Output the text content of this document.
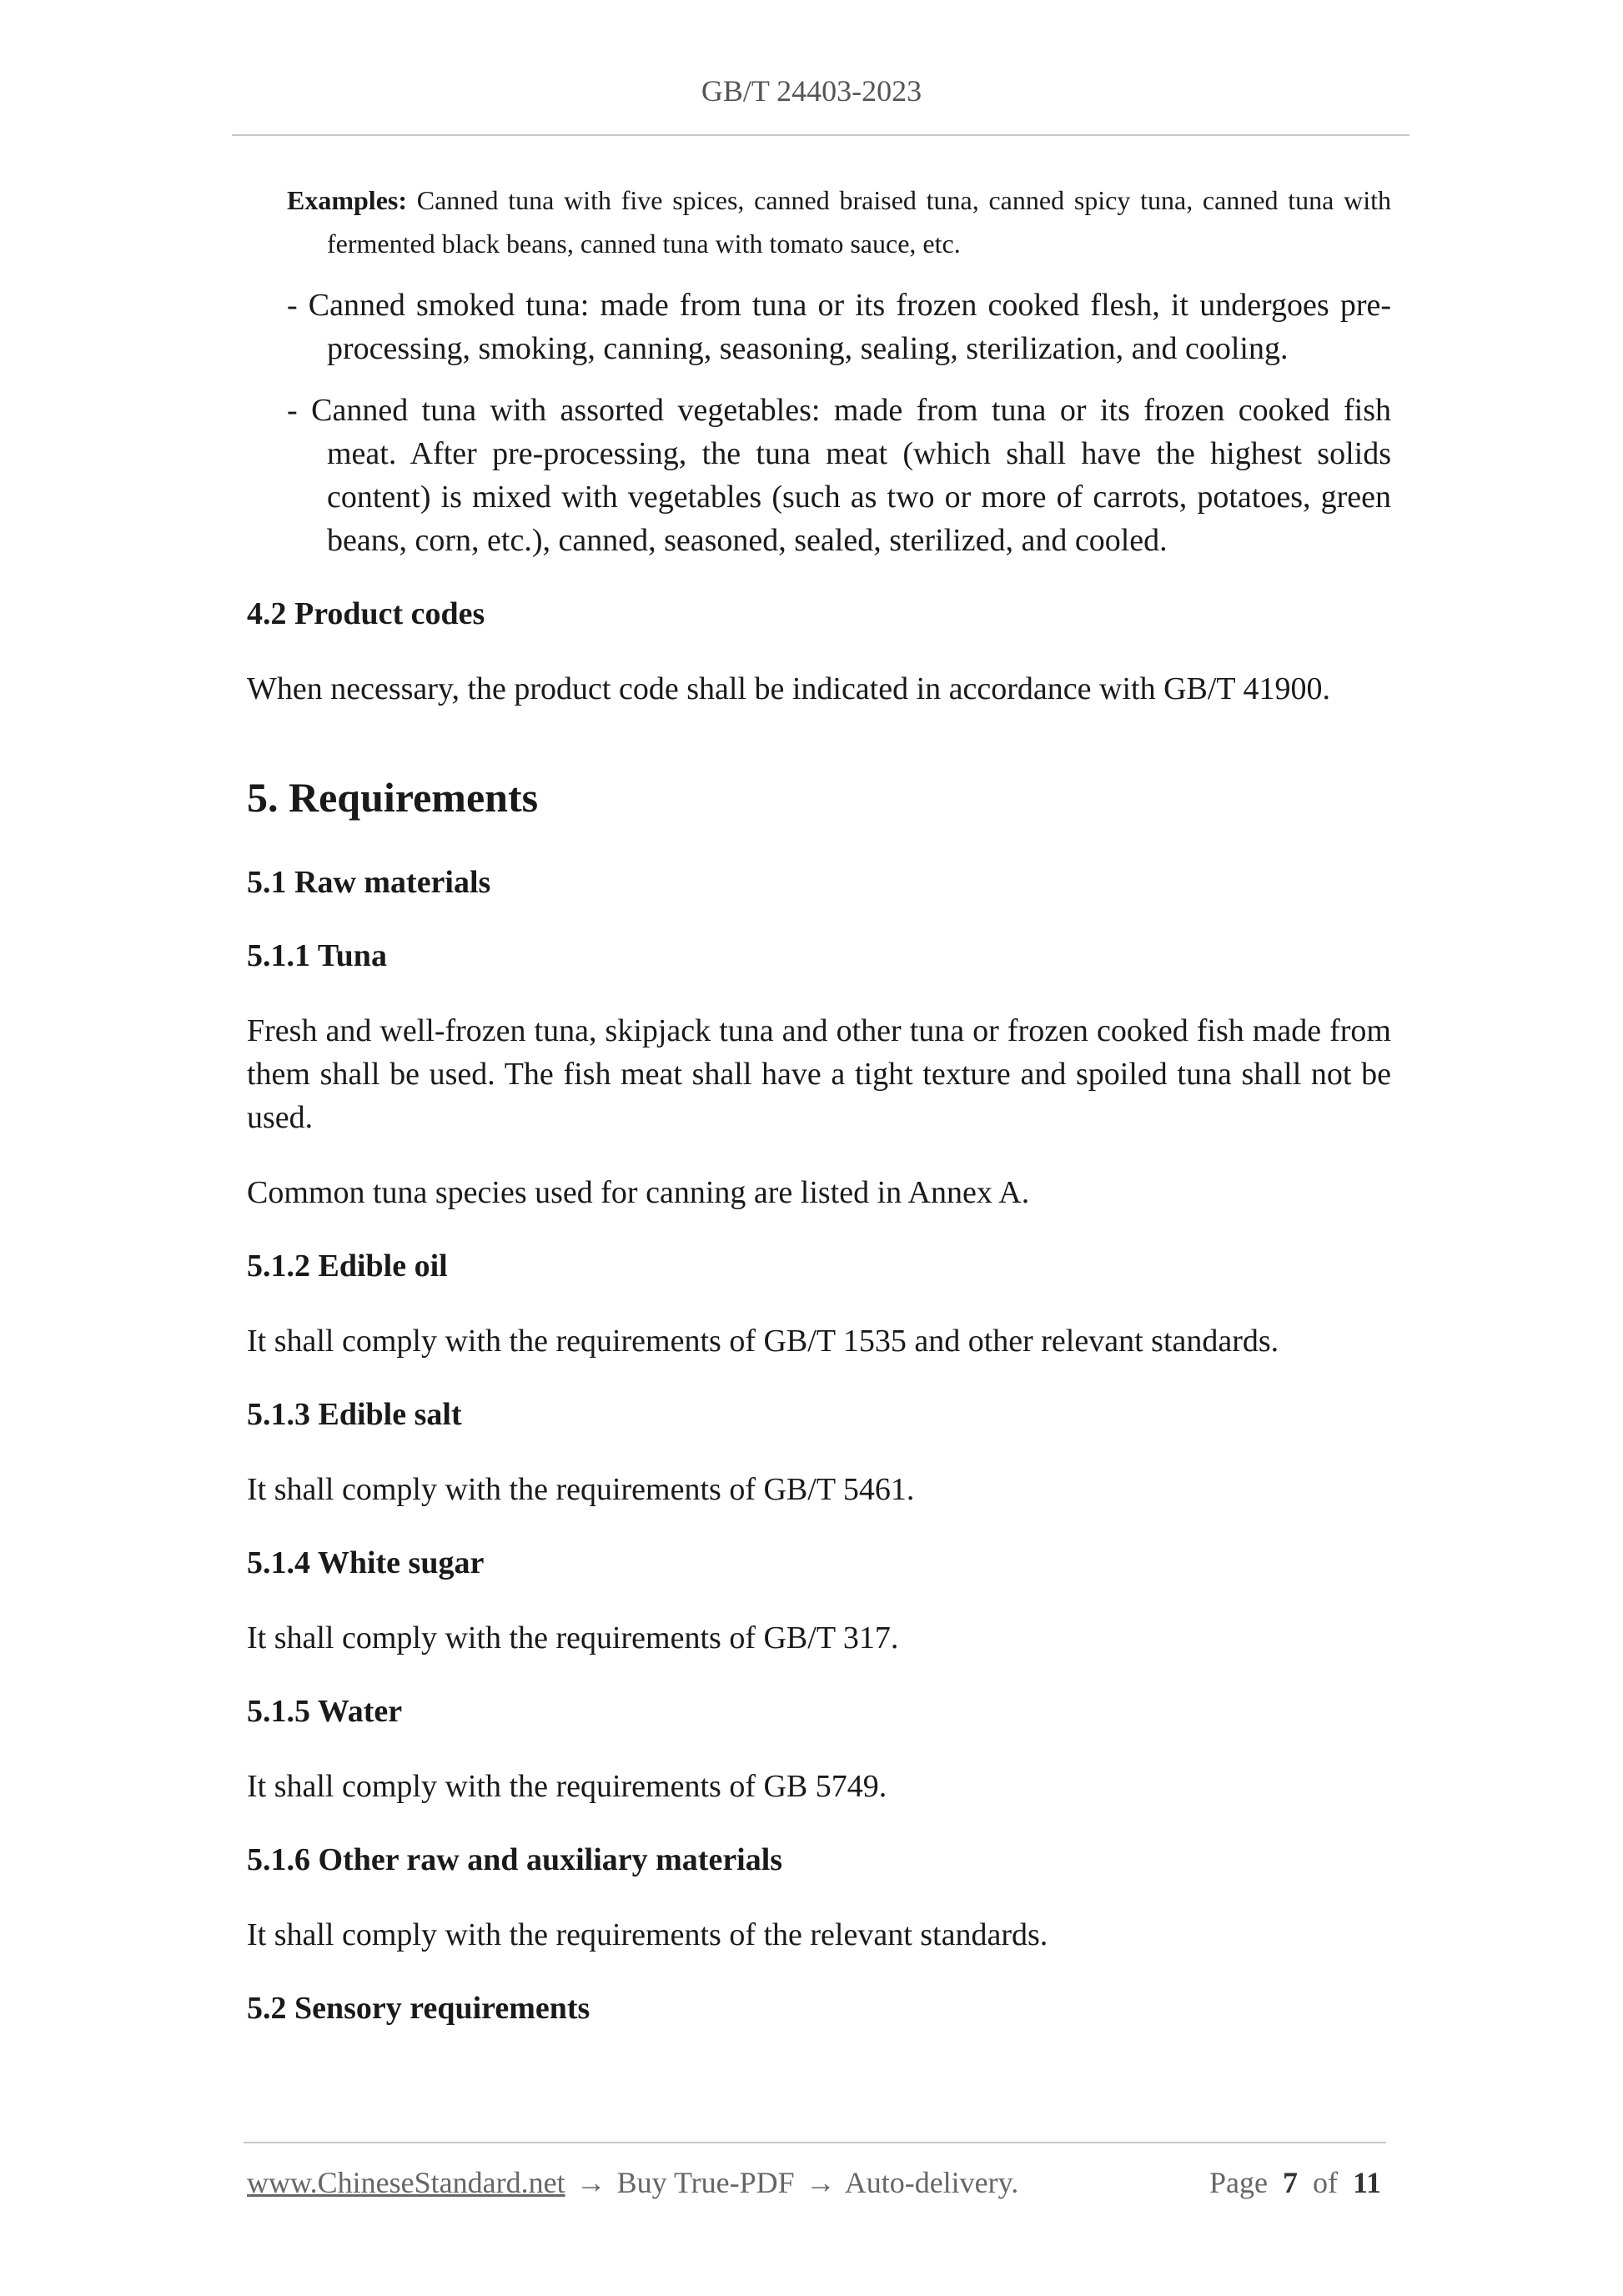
GB/T 24403-2023
Examples: Canned tuna with five spices, canned braised tuna, canned spicy tuna, canned tuna with fermented black beans, canned tuna with tomato sauce, etc.
- Canned smoked tuna: made from tuna or its frozen cooked flesh, it undergoes pre-processing, smoking, canning, seasoning, sealing, sterilization, and cooling.
- Canned tuna with assorted vegetables: made from tuna or its frozen cooked fish meat. After pre-processing, the tuna meat (which shall have the highest solids content) is mixed with vegetables (such as two or more of carrots, potatoes, green beans, corn, etc.), canned, seasoned, sealed, sterilized, and cooled.
4.2 Product codes
When necessary, the product code shall be indicated in accordance with GB/T 41900.
5. Requirements
5.1 Raw materials
5.1.1 Tuna
Fresh and well-frozen tuna, skipjack tuna and other tuna or frozen cooked fish made from them shall be used. The fish meat shall have a tight texture and spoiled tuna shall not be used.
Common tuna species used for canning are listed in Annex A.
5.1.2 Edible oil
It shall comply with the requirements of GB/T 1535 and other relevant standards.
5.1.3 Edible salt
It shall comply with the requirements of GB/T 5461.
5.1.4 White sugar
It shall comply with the requirements of GB/T 317.
5.1.5 Water
It shall comply with the requirements of GB 5749.
5.1.6 Other raw and auxiliary materials
It shall comply with the requirements of the relevant standards.
5.2 Sensory requirements
www.ChineseStandard.net → Buy True-PDF → Auto-delivery.	Page 7 of 11
